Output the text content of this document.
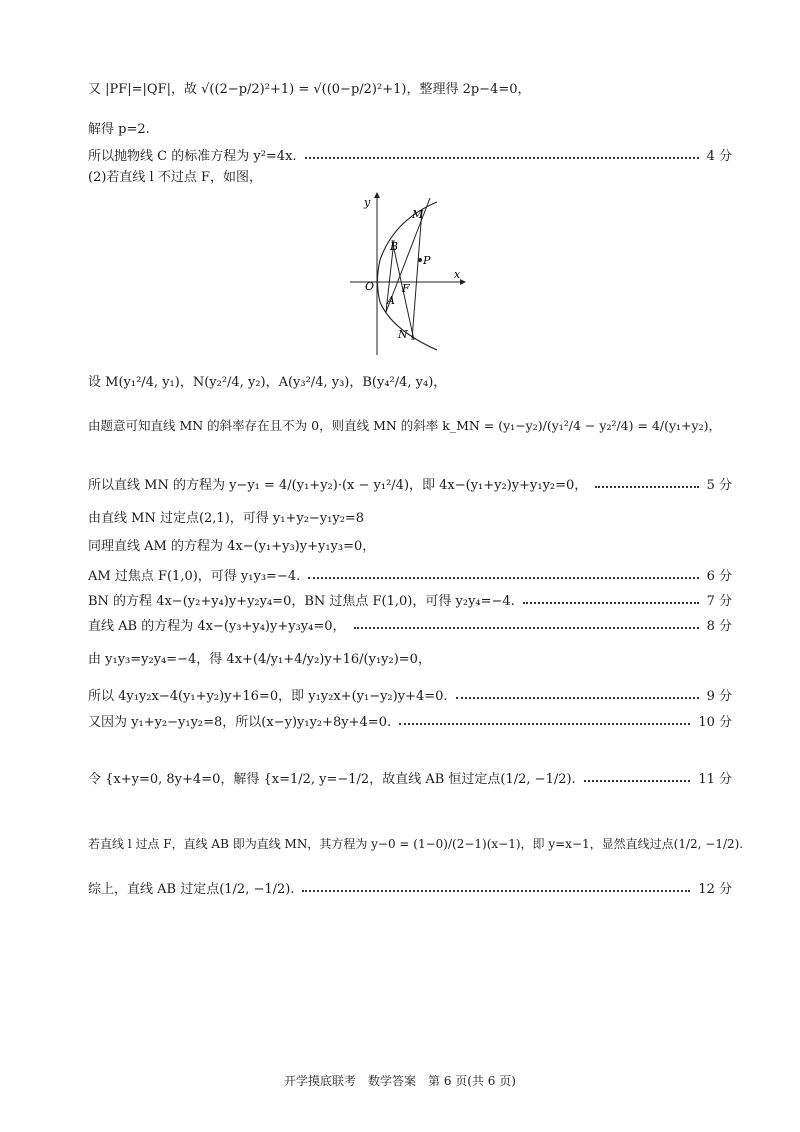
又 |PF|=|QF|，故 √((2−p/2)²+1) = √((0−p/2)²+1)，整理得 2p−4=0，
解得 p=2.
所以抛物线 C 的标准方程为 y²=4x.	4 分
(2)若直线 l 不过点 F，如图，
y
x
O
M
B
P
F
A
N
设 M(y₁²/4, y₁)，N(y₂²/4, y₂)，A(y₃²/4, y₃)，B(y₄²/4, y₄)，
由题意可知直线 MN 的斜率存在且不为 0，则直线 MN 的斜率 k_MN = (y₁−y₂)/(y₁²/4 − y₂²/4) = 4/(y₁+y₂)，
所以直线 MN 的方程为 y−y₁ = 4/(y₁+y₂)·(x − y₁²/4)，即 4x−(y₁+y₂)y+y₁y₂=0，	5 分
由直线 MN 过定点(2,1)，可得 y₁+y₂−y₁y₂=8
同理直线 AM 的方程为 4x−(y₁+y₃)y+y₁y₃=0，
AM 过焦点 F(1,0)，可得 y₁y₃=−4.	6 分
BN 的方程 4x−(y₂+y₄)y+y₂y₄=0，BN 过焦点 F(1,0)，可得 y₂y₄=−4.	7 分
直线 AB 的方程为 4x−(y₃+y₄)y+y₃y₄=0，	8 分
由 y₁y₃=y₂y₄=−4，得 4x+(4/y₁+4/y₂)y+16/(y₁y₂)=0，
所以 4y₁y₂x−4(y₁+y₂)y+16=0，即 y₁y₂x+(y₁−y₂)y+4=0.	9 分
又因为 y₁+y₂−y₁y₂=8，所以(x−y)y₁y₂+8y+4=0.	10 分
令 {x+y=0, 8y+4=0，解得 {x=1/2, y=−1/2，故直线 AB 恒过定点(1/2, −1/2).	11 分
若直线 l 过点 F，直线 AB 即为直线 MN，其方程为 y−0 = (1−0)/(2−1)(x−1)，即 y=x−1，显然直线过点(1/2, −1/2).
综上，直线 AB 过定点(1/2, −1/2).	12 分
开学摸底联考　数学答案　第 6 页(共 6 页)
